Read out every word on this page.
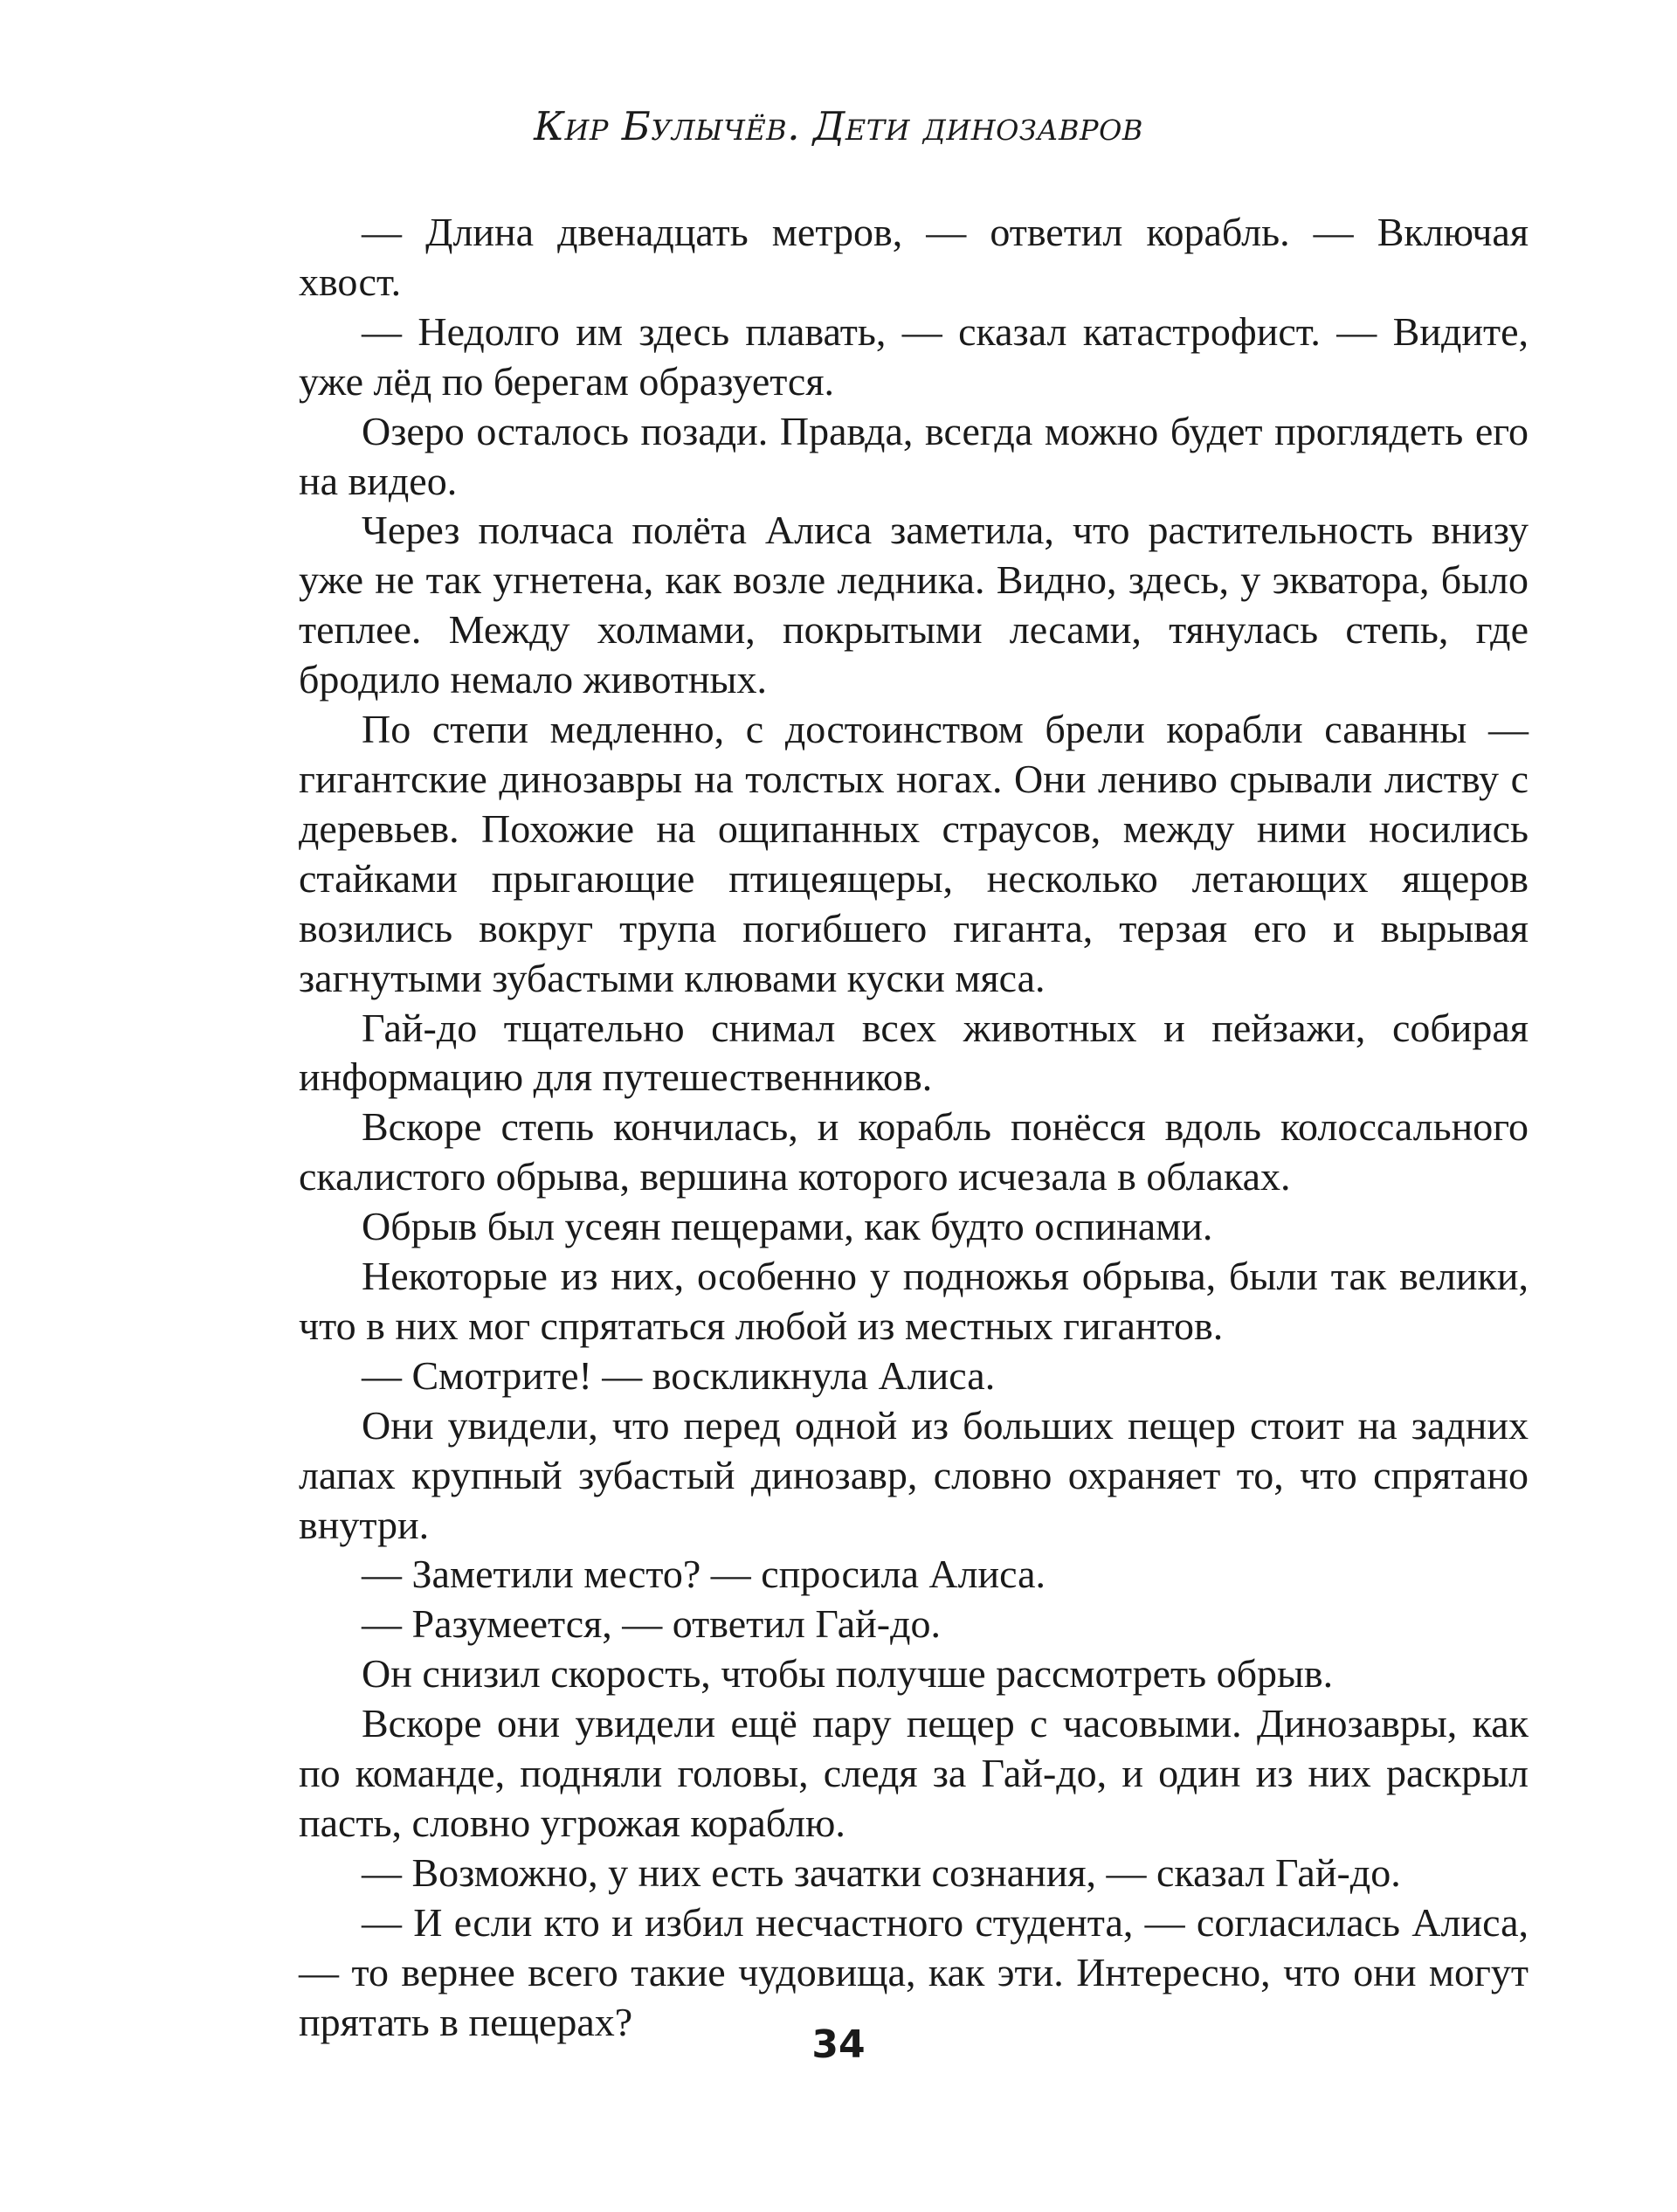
Кир Булычёв. Дети динозавров

— Длина двенадцать метров, — ответил корабль. — Включая хвост.

— Недолго им здесь плавать, — сказал катастрофист. — Видите, уже лёд по берегам образуется.

Озеро осталось позади. Правда, всегда можно будет проглядеть его на видео.

Через полчаса полёта Алиса заметила, что растительность внизу уже не так угнетена, как возле ледника. Видно, здесь, у экватора, было теплее. Между холмами, покрытыми лесами, тянулась степь, где бродило немало животных.

По степи медленно, с достоинством брели корабли саванны — гигантские динозавры на толстых ногах. Они лениво срывали листву с деревьев. Похожие на ощипанных страусов, между ними носились стайками прыгающие птицеящеры, несколько летающих ящеров возились вокруг трупа погибшего гиганта, терзая его и вырывая загнутыми зубастыми клювами куски мяса.

Гай-до тщательно снимал всех животных и пейзажи, собирая информацию для путешественников.

Вскоре степь кончилась, и корабль понёсся вдоль колоссального скалистого обрыва, вершина которого исчезала в облаках.

Обрыв был усеян пещерами, как будто оспинами.

Некоторые из них, особенно у подножья обрыва, были так велики, что в них мог спрятаться любой из местных гигантов.

— Смотрите! — воскликнула Алиса.

Они увидели, что перед одной из больших пещер стоит на задних лапах крупный зубастый динозавр, словно охраняет то, что спрятано внутри.

— Заметили место? — спросила Алиса.

— Разумеется, — ответил Гай-до.

Он снизил скорость, чтобы получше рассмотреть обрыв.

Вскоре они увидели ещё пару пещер с часовыми. Динозавры, как по команде, подняли головы, следя за Гай-до, и один из них раскрыл пасть, словно угрожая кораблю.

— Возможно, у них есть зачатки сознания, — сказал Гай-до.

— И если кто и избил несчастного студента, — согласилась Алиса, — то вернее всего такие чудовища, как эти. Интересно, что они могут прятать в пещерах?

34
